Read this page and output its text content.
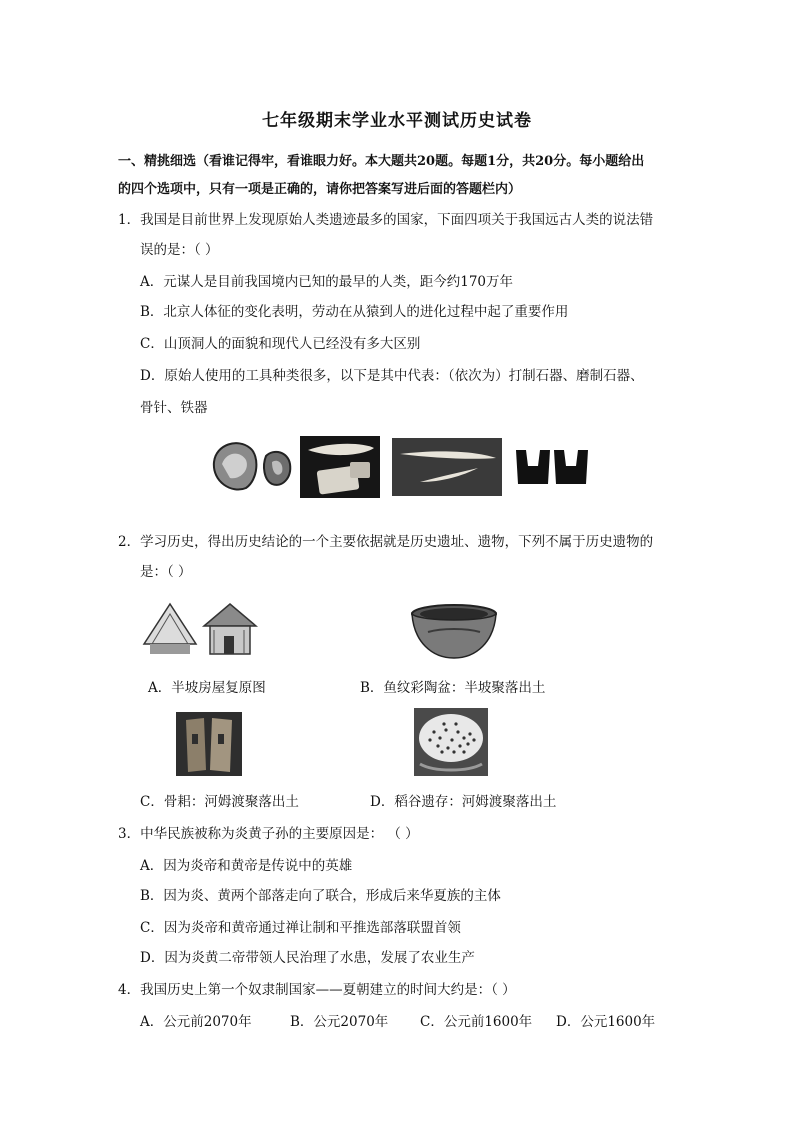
七年级期末学业水平测试历史试卷
一、精挑细选（看谁记得牢，看谁眼力好。本大题共20题。每题1分，共20分。每小题给出
的四个选项中，只有一项是正确的，请你把答案写进后面的答题栏内）
1．我国是目前世界上发现原始人类遗迹最多的国家，下面四项关于我国远古人类的说法错
误的是：（ ）
A．元谋人是目前我国境内已知的最早的人类，距今约170万年
B．北京人体征的变化表明，劳动在从猿到人的进化过程中起了重要作用
C．山顶洞人的面貌和现代人已经没有多大区别
D．原始人使用的工具种类很多，以下是其中代表：（依次为）打制石器、磨制石器、
骨针、铁器
2．学习历史，得出历史结论的一个主要依据就是历史遗址、遗物，下列不属于历史遗物的
是：（ ）
A．半坡房屋复原图	B．鱼纹彩陶盆：半坡聚落出土
C．骨耜：河姆渡聚落出土	D．稻谷遗存：河姆渡聚落出土
3．中华民族被称为炎黄子孙的主要原因是： （ ）
A．因为炎帝和黄帝是传说中的英雄
B．因为炎、黄两个部落走向了联合，形成后来华夏族的主体
C．因为炎帝和黄帝通过禅让制和平推选部落联盟首领
D．因为炎黄二帝带领人民治理了水患，发展了农业生产
4．我国历史上第一个奴隶制国家——夏朝建立的时间大约是：（ ）
A．公元前2070年	B．公元2070年 C．公元前1600年 D．公元1600年
